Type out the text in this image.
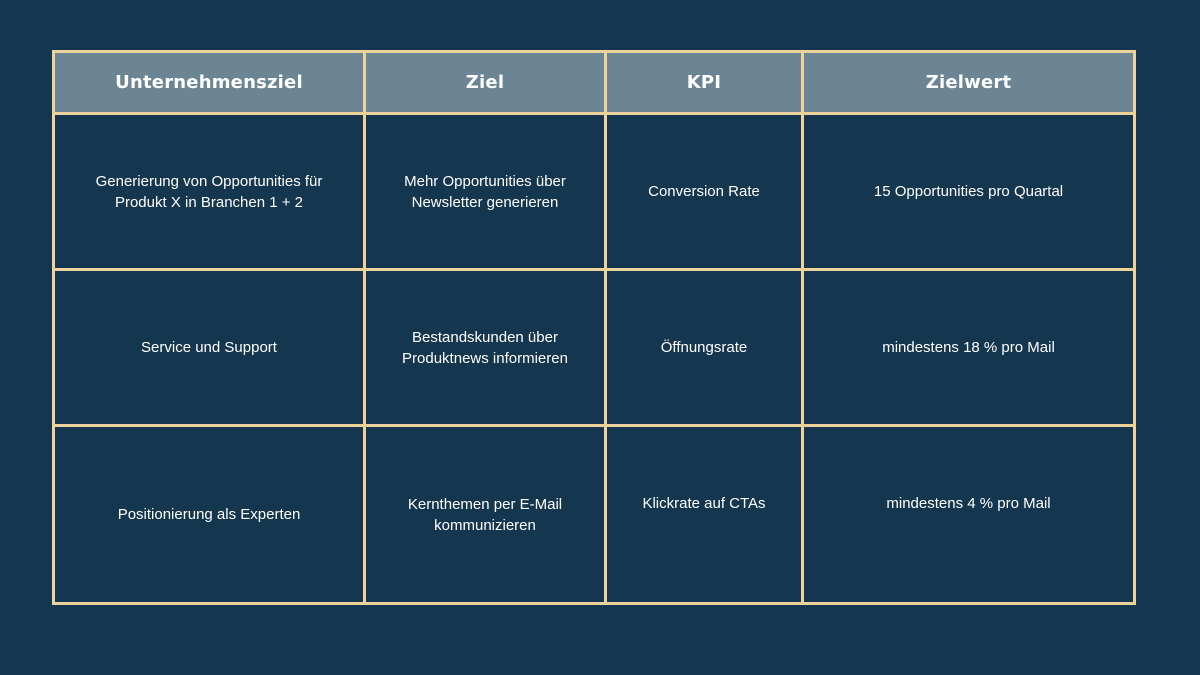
Unternehmensziel	Ziel	KPI	Zielwert
Generierung von Opportunities für Produkt X in Branchen 1 + 2	Mehr Opportunities über Newsletter generieren	Conversion Rate	15 Opportunities pro Quartal
Service und Support	Bestandskunden über Produktnews informieren	Öffnungsrate	mindestens 18 % pro Mail
Positionierung als Experten	Kernthemen per E-Mail kommunizieren	Klickrate auf CTAs	mindestens 4 % pro Mail
